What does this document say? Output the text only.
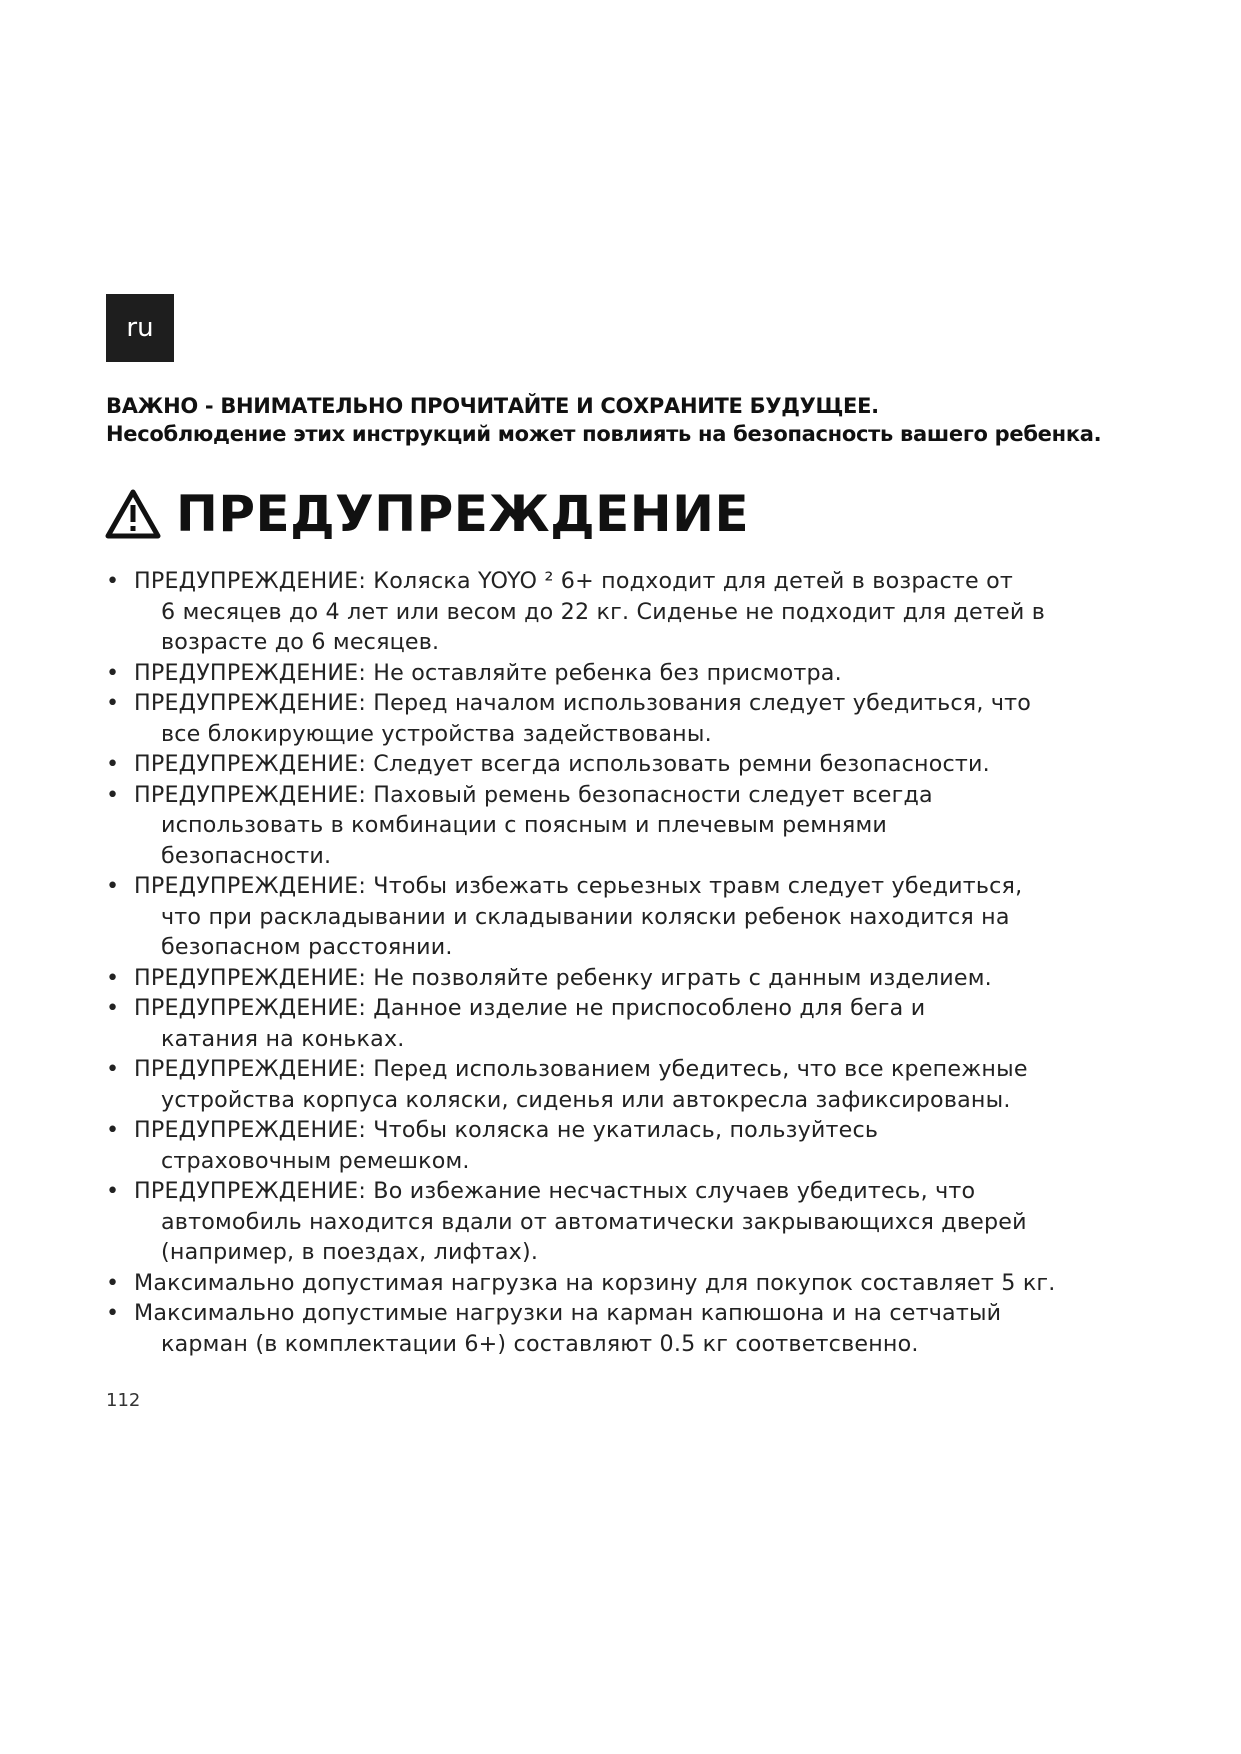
ru
ВАЖНО - ВНИМАТЕЛЬНО ПРОЧИТАЙТЕ И СОХРАНИТЕ БУДУЩЕЕ.
Несоблюдение этих инструкций может повлиять на безопасность вашего ребенка.
ПРЕДУПРЕЖДЕНИЕ
• ПРЕДУПРЕЖДЕНИЕ: Коляска YOYO ² 6+ подходит для детей в возрасте от
6 месяцев до 4 лет или весом до 22 кг. Сиденье не подходит для детей в
возрасте до 6 месяцев.
• ПРЕДУПРЕЖДЕНИЕ: Не оставляйте ребенка без присмотра.
• ПРЕДУПРЕЖДЕНИЕ: Перед началом использования следует убедиться, что
все блокирующие устройства задействованы.
• ПРЕДУПРЕЖДЕНИЕ: Следует всегда использовать ремни безопасности.
• ПРЕДУПРЕЖДЕНИЕ: Паховый ремень безопасности следует всегда
использовать в комбинации с поясным и плечевым ремнями
безопасности.
• ПРЕДУПРЕЖДЕНИЕ: Чтобы избежать серьезных травм следует убедиться,
что при раскладывании и складывании коляски ребенок находится на
безопасном расстоянии.
• ПРЕДУПРЕЖДЕНИЕ: Не позволяйте ребенку играть с данным изделием.
• ПРЕДУПРЕЖДЕНИЕ: Данное изделие не приспособлено для бега и
катания на коньках.
• ПРЕДУПРЕЖДЕНИЕ: Перед использованием убедитесь, что все крепежные
устройства корпуса коляски, сиденья или автокресла зафиксированы.
• ПРЕДУПРЕЖДЕНИЕ: Чтобы коляска не укатилась, пользуйтесь
страховочным ремешком.
• ПРЕДУПРЕЖДЕНИЕ: Во избежание несчастных случаев убедитесь, что
автомобиль находится вдали от автоматически закрывающихся дверей
(например, в поездах, лифтах).
• Максимально допустимая нагрузка на корзину для покупок составляет 5 кг.
• Максимально допустимые нагрузки на карман капюшона и на сетчатый
карман (в комплектации 6+) составляют 0.5 кг соответсвенно.
112
